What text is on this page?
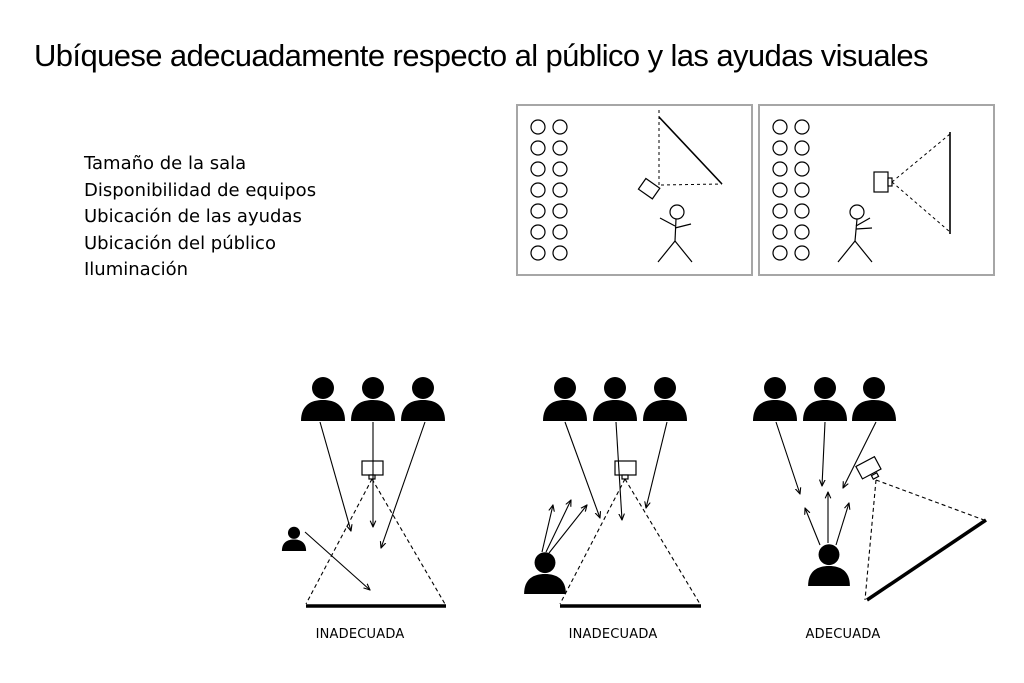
Ubíquese adecuadamente respecto al público y las ayudas visuales
Tamaño de la sala
Disponibilidad de equipos
Ubicación de las ayudas
Ubicación del público
Iluminación
INADECUADA	INADECUADA	ADECUADA
